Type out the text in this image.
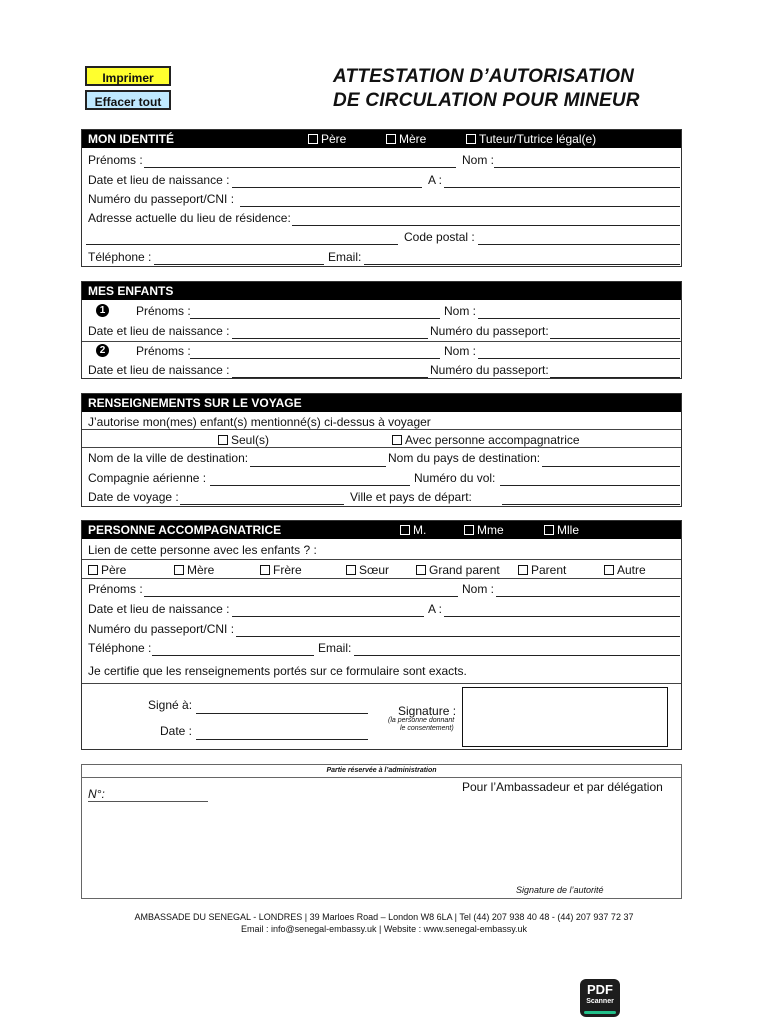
Imprimer
Effacer tout
ATTESTATION D’AUTORISATION
DE CIRCULATION POUR MINEUR
MON IDENTITÉ	Père	Mère	Tuteur/Tutrice légal(e)
Prénoms :	Nom :
Date et lieu de naissance :	A :
Numéro du passeport/CNI :
Adresse actuelle du lieu de résidence:
Code postal :
Téléphone :	Email:
MES ENFANTS
1	Prénoms :	Nom :
Date et lieu de naissance :	Numéro du passeport:
2	Prénoms :	Nom :
Date et lieu de naissance :	Numéro du passeport:
RENSEIGNEMENTS SUR LE VOYAGE
J’autorise mon(mes) enfant(s) mentionné(s) ci-dessus à voyager
Seul(s)	Avec personne accompagnatrice
Nom de la ville de destination:	Nom du pays de destination:
Compagnie aérienne :	Numéro du vol:
Date de voyage :	Ville et pays de départ:
PERSONNE ACCOMPAGNATRICE	M.	Mme	Mlle
Lien de cette personne avec les enfants ? :
Père	Mère	Frère	Sœur	Grand parent	Parent	Autre
Prénoms :	Nom :
Date et lieu de naissance :	A :
Numéro du passeport/CNI :
Téléphone :	Email:
Je certifie que les renseignements portés sur ce formulaire sont exacts.
Signé à:
Date :
Signature :
(la personne donnant
le consentement)
Partie réservée à l’administration
N°:	Pour l’Ambassadeur et par délégation
Signature de l’autorité
AMBASSADE DU SENEGAL - LONDRES | 39 Marloes Road – London W8 6LA | Tel (44) 207 938 40 48 - (44) 207 937 72 37
Email : info@senegal-embassy.uk | Website : www.senegal-embassy.uk
PDF
Scanner
